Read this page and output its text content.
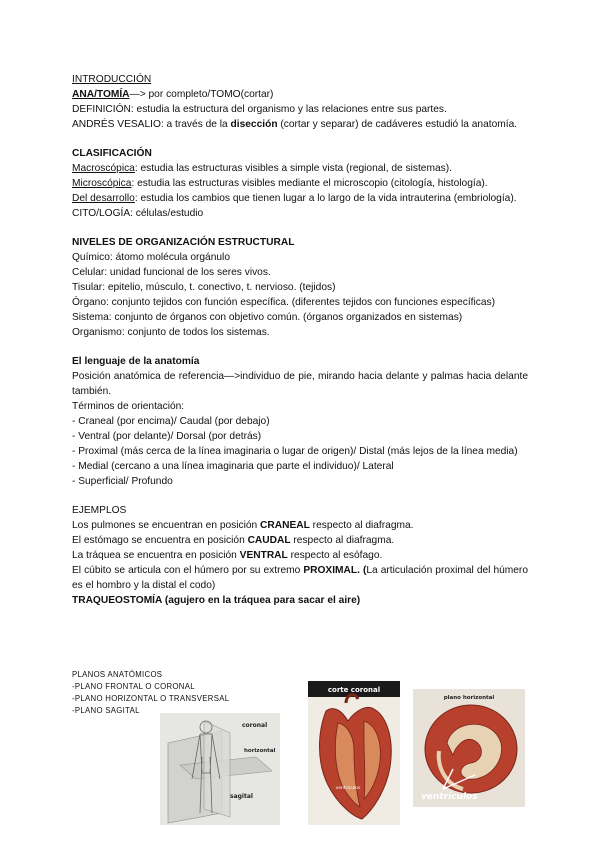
INTRODUCCIÓN
ANA/TOMÍA—> por completo/TOMO(cortar)
DEFINICIÓN: estudia la estructura del organismo y las relaciones entre sus partes.
ANDRÉS VESALIO: a través de la disección (cortar y separar) de cadáveres estudió la anatomía.
CLASIFICACIÓN
Macroscópica: estudia las estructuras visibles a simple vista (regional, de sistemas).
Microscópica: estudia las estructuras visibles mediante el microscopio (citología, histología).
Del desarrollo: estudia los cambios que tienen lugar a lo largo de la vida intrauterina (embriología).
CITO/LOGÍA: células/estudio
NIVELES DE ORGANIZACIÓN ESTRUCTURAL
Químico: átomo molécula orgánulo
Celular: unidad funcional de los seres vivos.
Tisular: epitelio, músculo, t. conectivo, t. nervioso. (tejidos)
Órgano: conjunto tejidos con función específica. (diferentes tejidos con funciones específicas)
Sistema: conjunto de órganos con objetivo común. (órganos organizados en sistemas)
Organismo: conjunto de todos los sistemas.
El lenguaje de la anatomía
Posición anatómica de referencia—>individuo de pie, mirando hacia delante y palmas hacia delante también.
Términos de orientación:
- Craneal (por encima)/ Caudal (por debajo)
- Ventral (por delante)/ Dorsal (por detrás)
- Proximal (más cerca de la línea imaginaria o lugar de origen)/ Distal (más lejos de la línea media)
- Medial (cercano a una línea imaginaria que parte el individuo)/ Lateral
- Superficial/ Profundo
EJEMPLOS
Los pulmones se encuentran en posición CRANEAL respecto al diafragma.
El estómago se encuentra en posición CAUDAL respecto al diafragma.
La tráquea se encuentra en posición VENTRAL respecto al esófago.
El cúbito se articula con el húmero por su extremo PROXIMAL. (La articulación proximal del húmero es el hombro y la distal el codo)
TRAQUEOSTOMÍA (agujero en la tráquea para sacar el aire)
PLANOS ANATÓMICOS
-PLANO FRONTAL O CORONAL
-PLANO HORIZONTAL O TRANSVERSAL
-PLANO SAGITAL
coronal
horizontal
sagital
corte coronal
ventrículos
plano horizontal
ventrículos
